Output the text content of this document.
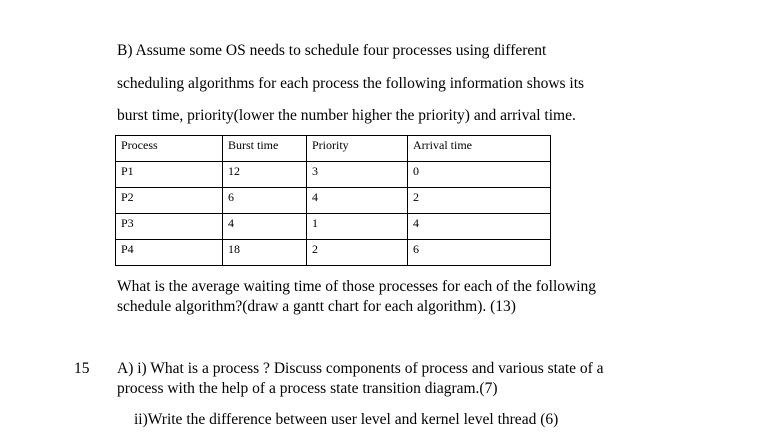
B) Assume some OS needs to schedule four processes using different
scheduling algorithms for each process the following information shows its
burst time, priority(lower the number higher the priority) and arrival time.
Process	Burst time	Priority	Arrival time
P1	12	3	0
P2	6	4	2
P3	4	1	4
P4	18	2	6
What is the average waiting time of those processes for each of the following
schedule algorithm?(draw a gantt chart for each algorithm). (13)
15 A) i) What is a process ? Discuss components of process and various state of a
process with the help of a process state transition diagram.(7)
ii)Write the difference between user level and kernel level thread (6)
